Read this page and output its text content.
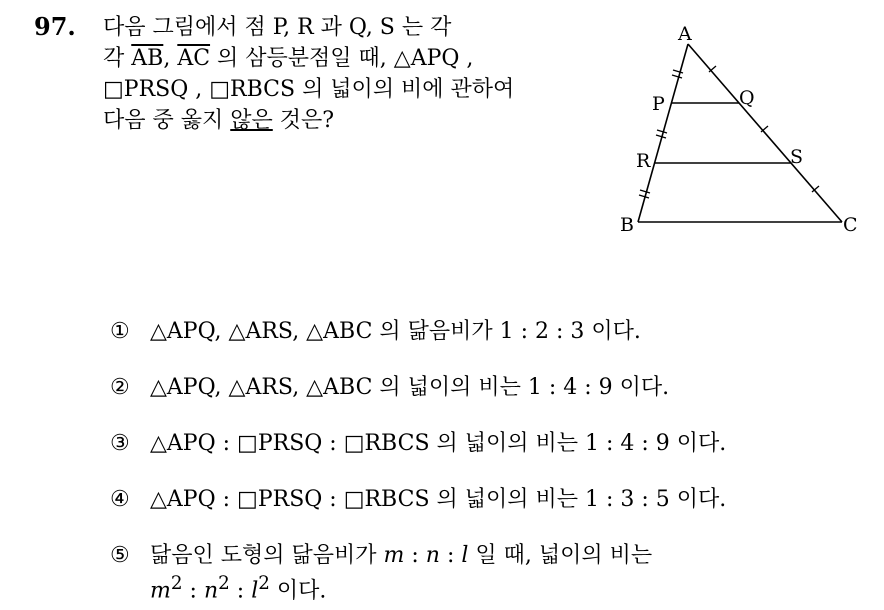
97. 다음 그림에서 점 P, R 과 Q, S 는 각
각 $\overline{AB}$, $\overline{AC}$ 의 삼등분점일 때, △APQ ,
□PRSQ , □RBCS 의 넓이의 비에 관하여
다음 중 옳지 않은 것은?
A
B	C
P	Q
R	S
① △APQ, △ARS, △ABC 의 닮음비가 1 : 2 : 3 이다.
② △APQ, △ARS, △ABC 의 넓이의 비는 1 : 4 : 9 이다.
③ △APQ : □PRSQ : □RBCS 의 넓이의 비는 1 : 4 : 9 이다.
④ △APQ : □PRSQ : □RBCS 의 넓이의 비는 1 : 3 : 5 이다.
⑤ 닮음인 도형의 닮음비가 m : n : l 일 때, 넓이의 비는
$m^2$ : $n^2$ : $l^2$ 이다.
